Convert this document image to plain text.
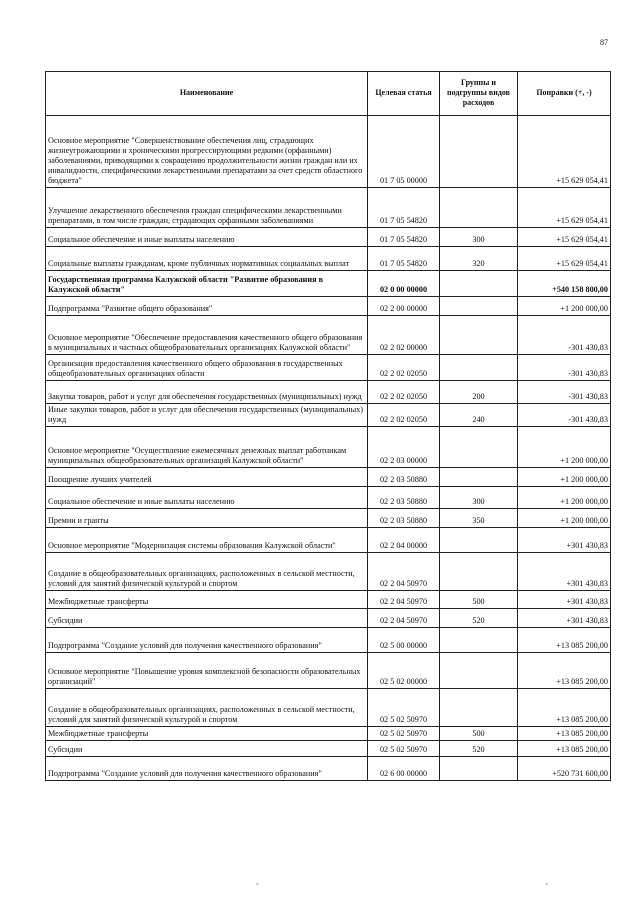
87
Наименование	Целевая статья	Группы и подгруппы видов расходов	Поправки (+, -)
Основное мероприятие "Совершенствование обеспечения лиц, страдающих жизнеугрожающими и хроническими прогрессирующими редкими (орфанными) заболеваниями, приводящими к сокращению продолжительности жизни граждан или их инвалидности, специфическими лекарственными препаратами за счет средств областного бюджета"	01 7 05 00000		+15 629 054,41
Улучшение лекарственного обеспечения граждан специфическими лекарственными препаратами, в том числе граждан, страдающих орфанными заболеваниями	01 7 05 54820		+15 629 054,41
Социальное обеспечение и иные выплаты населению	01 7 05 54820	300	+15 629 054,41
Социальные выплаты гражданам, кроме публичных нормативных социальных выплат	01 7 05 54820	320	+15 629 054,41
Государственная программа Калужской области "Развитие образования в Калужской области"	02 0 00 00000		+540 158 800,00
Подпрограмма "Развитие общего образования"	02 2 00 00000		+1 200 000,00
Основное мероприятие "Обеспечение предоставления качественного общего образования в муниципальных и частных общеобразовательных организациях Калужской области"	02 2 02 00000		-301 430,83
Организация предоставления качественного общего образования в государственных общеобразовательных организациях области	02 2 02 02050		-301 430,83
Закупка товаров, работ и услуг для обеспечения государственных (муниципальных) нужд	02 2 02 02050	200	-301 430,83
Иные закупки товаров, работ и услуг для обеспечения государственных (муниципальных) нужд	02 2 02 02050	240	-301 430,83
Основное мероприятие "Осуществление ежемесячных денежных выплат работникам муниципальных общеобразовательных организаций Калужской области"	02 2 03 00000		+1 200 000,00
Поощрение лучших учителей	02 2 03 50880		+1 200 000,00
Социальное обеспечение и иные выплаты населению	02 2 03 50880	300	+1 200 000,00
Премии и гранты	02 2 03 50880	350	+1 200 000,00
Основное мероприятие "Модернизация системы образования Калужской области"	02 2 04 00000		+301 430,83
Создание в общеобразовательных организациях, расположенных в сельской местности, условий для занятий физической культурой и спортом	02 2 04 50970		+301 430,83
Межбюджетные трансферты	02 2 04 50970	500	+301 430,83
Субсидии	02 2 04 50970	520	+301 430,83
Подпрограмма "Создание условий для получения качественного образования"	02 5 00 00000		+13 085 200,00
Основное мероприятие "Повышение уровня комплексной безопасности образовательных организаций"	02 5 02 00000		+13 085 200,00
Создание в общеобразовательных организациях, расположенных в сельской местности, условий для занятий физической культурой и спортом	02 5 02 50970		+13 085 200,00
Межбюджетные трансферты	02 5 02 50970	500	+13 085 200,00
Субсидии	02 5 02 50970	520	+13 085 200,00
Подпрограмма "Создание условий для получения качественного образования"	02 6 00 00000		+520 731 600,00
˘	˘
